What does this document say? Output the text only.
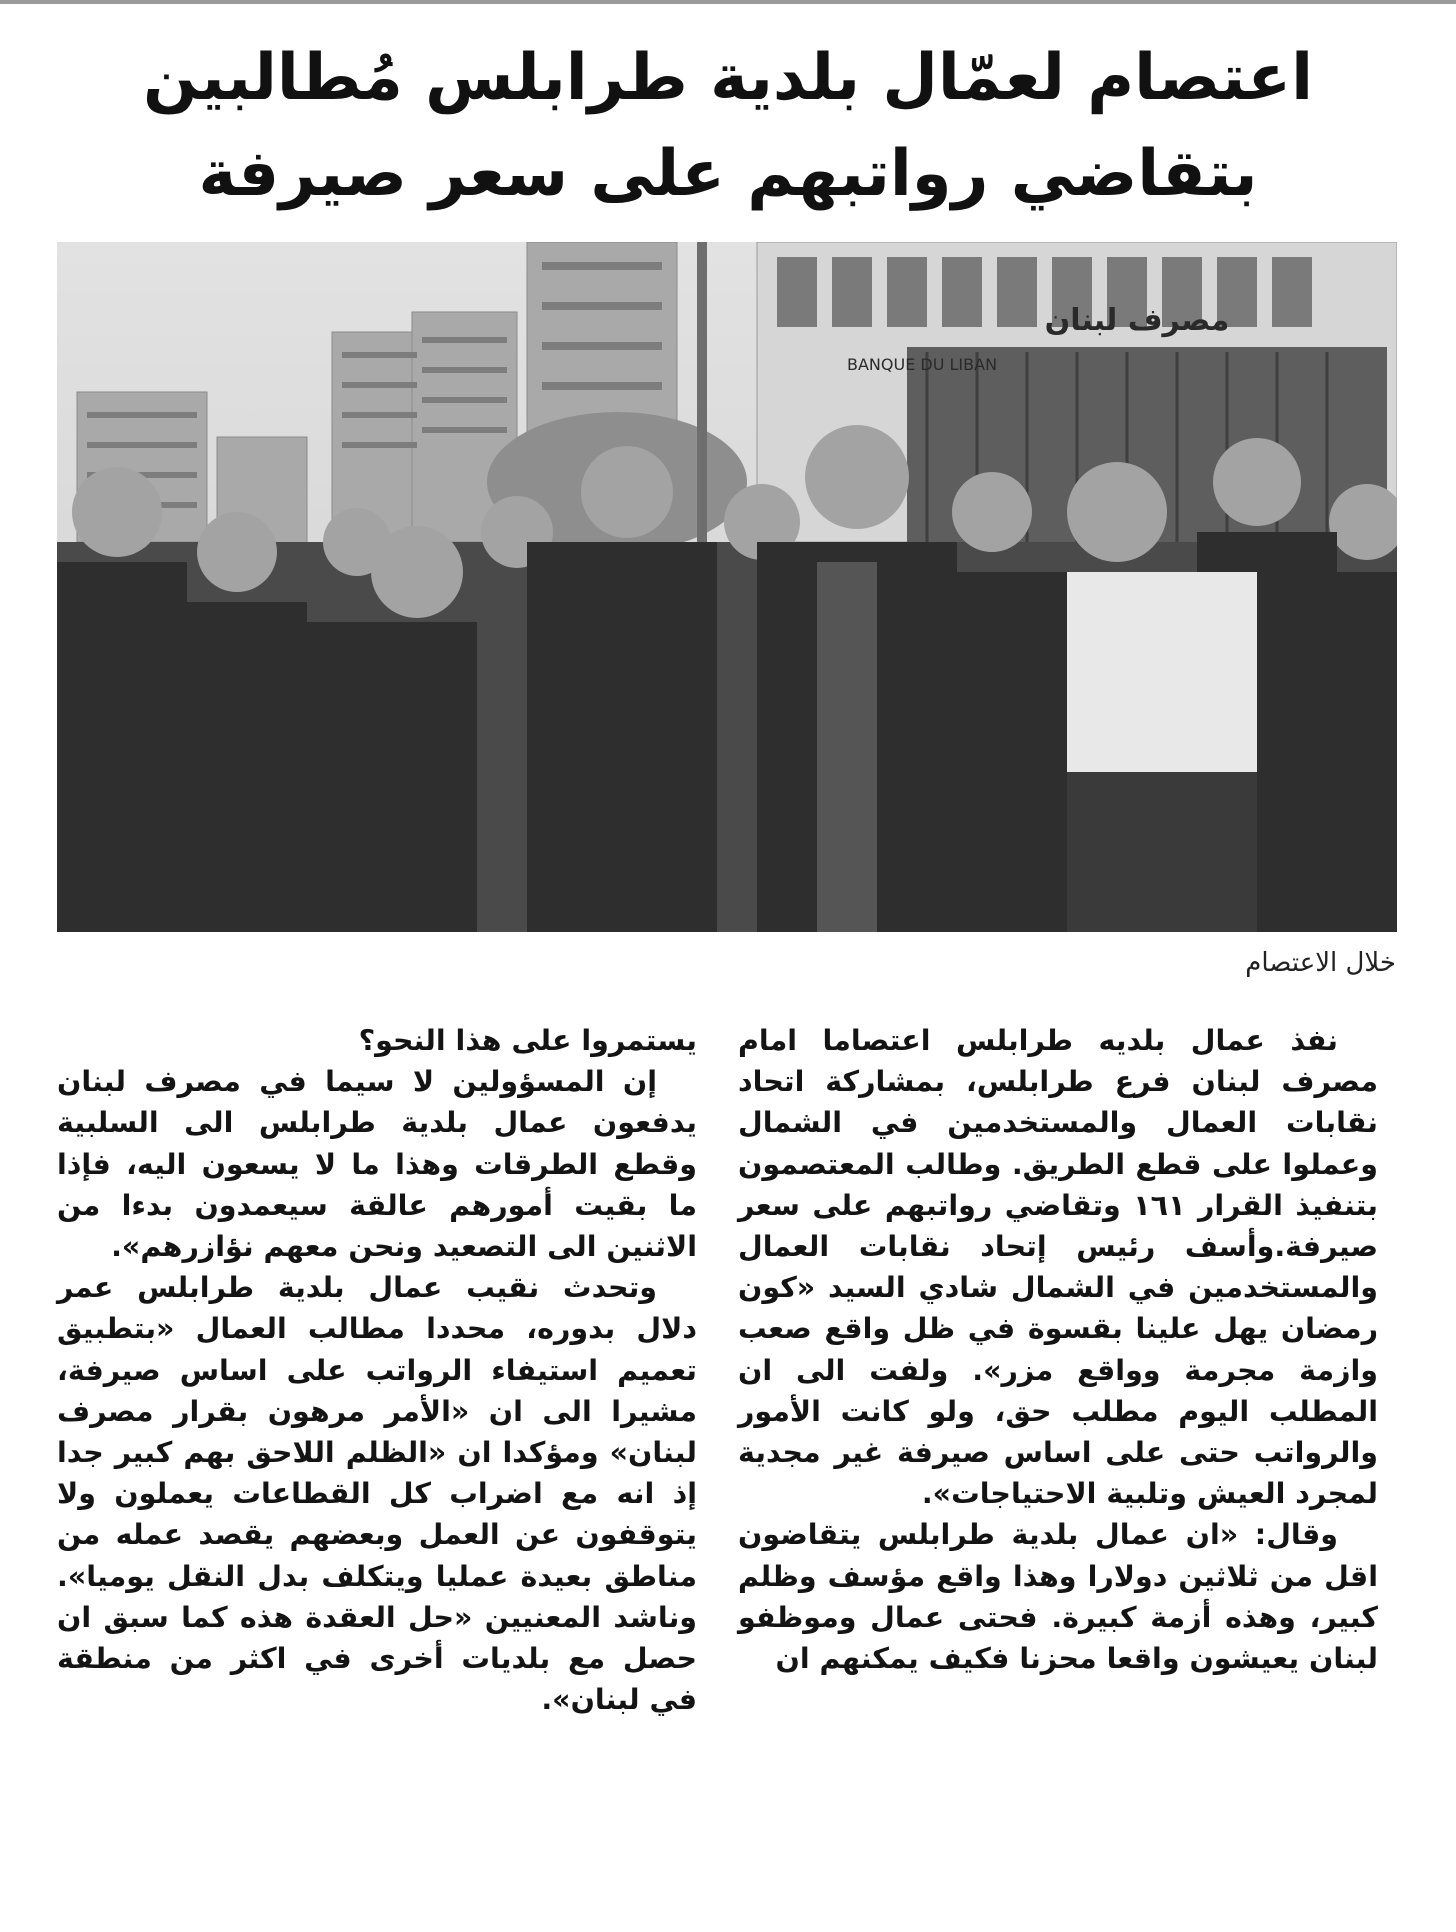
اعتصام لعمّال بلدية طرابلس مُطالبين
بتقاضي رواتبهم على سعر صيرفة
مصرف لبنان
BANQUE DU LIBAN
خلال الاعتصام

نفذ عمال بلديه طرابلس اعتصاما امام مصرف لبنان فرع طرابلس، بمشاركة اتحاد نقابات العمال والمستخدمين في الشمال وعملوا على قطع الطريق. وطالب المعتصمون بتنفيذ القرار ١٦١ وتقاضي رواتبهم على سعر صيرفة.وأسف رئيس إتحاد نقابات العمال والمستخدمين في الشمال شادي السيد «كون رمضان يهل علينا بقسوة في ظل واقع صعب وازمة مجرمة وواقع مزر». ولفت الى ان المطلب اليوم مطلب حق، ولو كانت الأمور والرواتب حتى على اساس صيرفة غير مجدية لمجرد العيش وتلبية الاحتياجات».

وقال: «ان عمال بلدية طرابلس يتقاضون اقل من ثلاثين دولارا وهذا واقع مؤسف وظلم كبير، وهذه أزمة كبيرة. فحتى عمال وموظفو لبنان يعيشون واقعا محزنا فكيف يمكنهم ان

يستمروا على هذا النحو؟

إن المسؤولين لا سيما في مصرف لبنان يدفعون عمال بلدية طرابلس الى السلبية وقطع الطرقات وهذا ما لا يسعون اليه، فإذا ما بقيت أمورهم عالقة سيعمدون بدءا من الاثنين الى التصعيد ونحن معهم نؤازرهم».

وتحدث نقيب عمال بلدية طرابلس عمر دلال بدوره، محددا مطالب العمال «بتطبيق تعميم استيفاء الرواتب على اساس صيرفة، مشيرا الى ان «الأمر مرهون بقرار مصرف لبنان» ومؤكدا ان «الظلم اللاحق بهم كبير جدا إذ انه مع اضراب كل القطاعات يعملون ولا يتوقفون عن العمل وبعضهم يقصد عمله من مناطق بعيدة عمليا ويتكلف بدل النقل يوميا». وناشد المعنيين «حل العقدة هذه كما سبق ان حصل مع بلديات أخرى في اكثر من منطقة في لبنان».
